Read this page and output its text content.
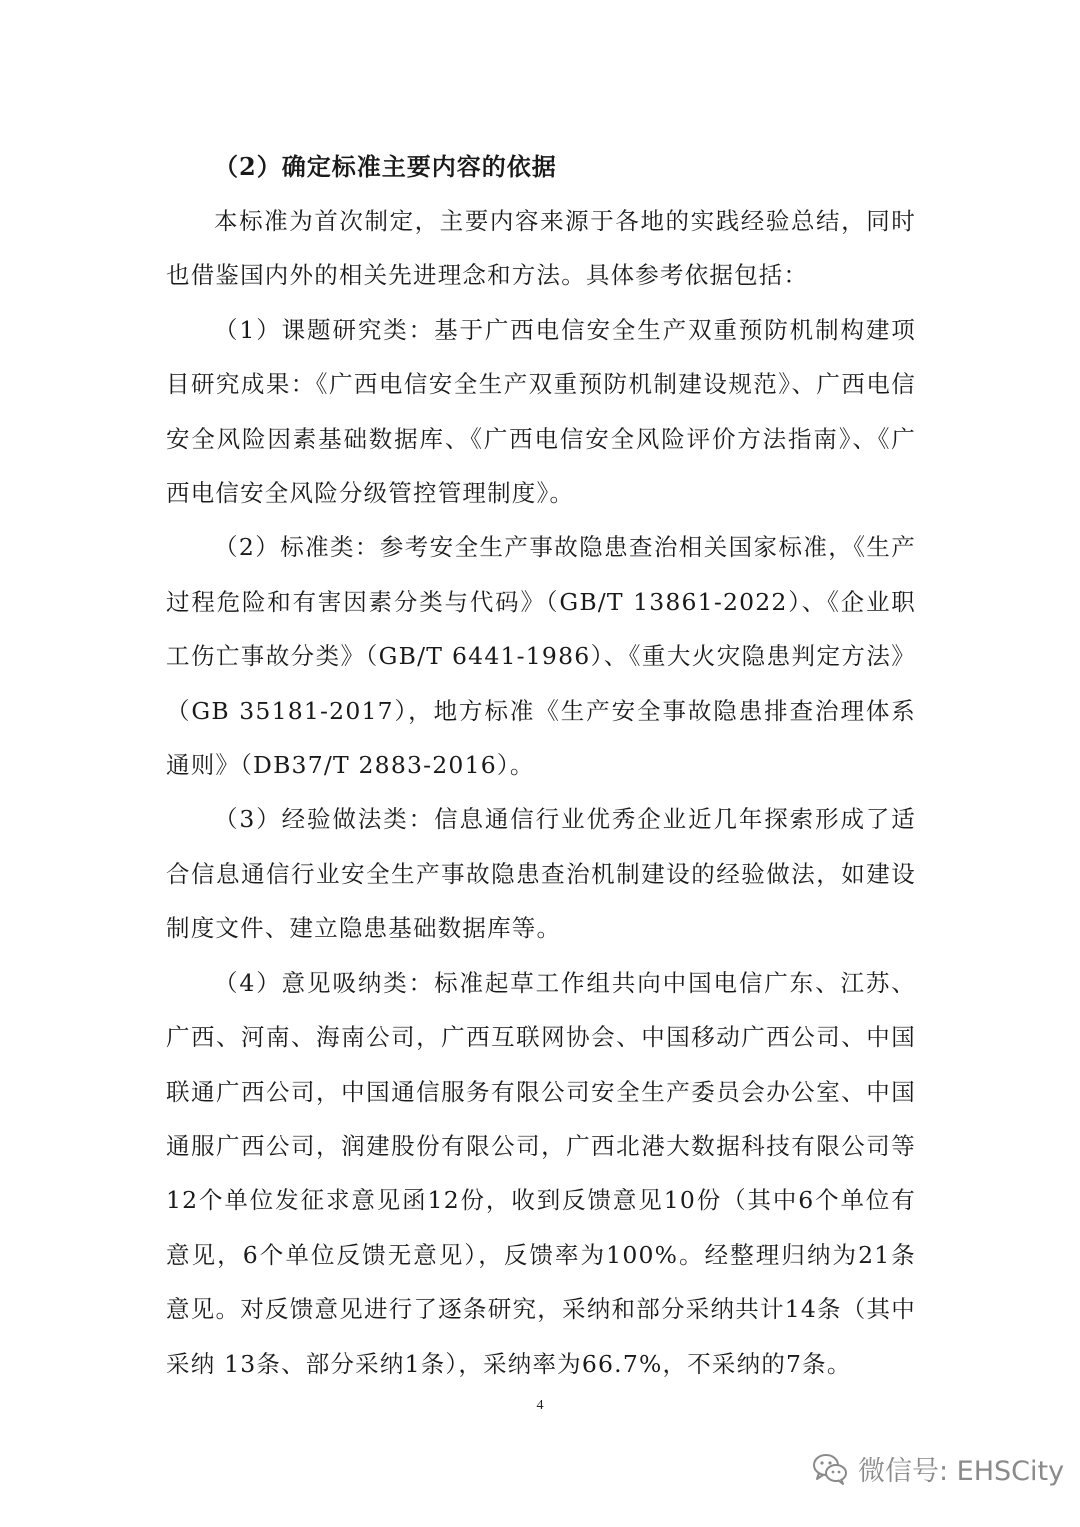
（2）确定标准主要内容的依据

本标准为首次制定，主要内容来源于各地的实践经验总结，同时也借鉴国内外的相关先进理念和方法。具体参考依据包括：

（1）课题研究类：基于广西电信安全生产双重预防机制构建项目研究成果：《广西电信安全生产双重预防机制建设规范》、广西电信安全风险因素基础数据库、《广西电信安全风险评价方法指南》、《广西电信安全风险分级管控管理制度》。

（2）标准类：参考安全生产事故隐患查治相关国家标准，《生产过程危险和有害因素分类与代码》（GB/T 13861-2022）、《企业职工伤亡事故分类》（GB/T 6441-1986）、《重大火灾隐患判定方法》（GB 35181-2017），地方标准《生产安全事故隐患排查治理体系通则》（DB37/T 2883-2016）。

（3）经验做法类：信息通信行业优秀企业近几年探索形成了适合信息通信行业安全生产事故隐患查治机制建设的经验做法，如建设制度文件、建立隐患基础数据库等。

（4）意见吸纳类：标准起草工作组共向中国电信广东、江苏、广西、河南、海南公司，广西互联网协会、中国移动广西公司、中国联通广西公司，中国通信服务有限公司安全生产委员会办公室、中国通服广西公司，润建股份有限公司，广西北港大数据科技有限公司等12个单位发征求意见函12份，收到反馈意见10份（其中6个单位有意见，6个单位反馈无意见），反馈率为100%。经整理归纳为21条意见。对反馈意见进行了逐条研究，采纳和部分采纳共计14条（其中采纳 13条、部分采纳1条），采纳率为66.7%，不采纳的7条。

4
微信号: EHSCity
